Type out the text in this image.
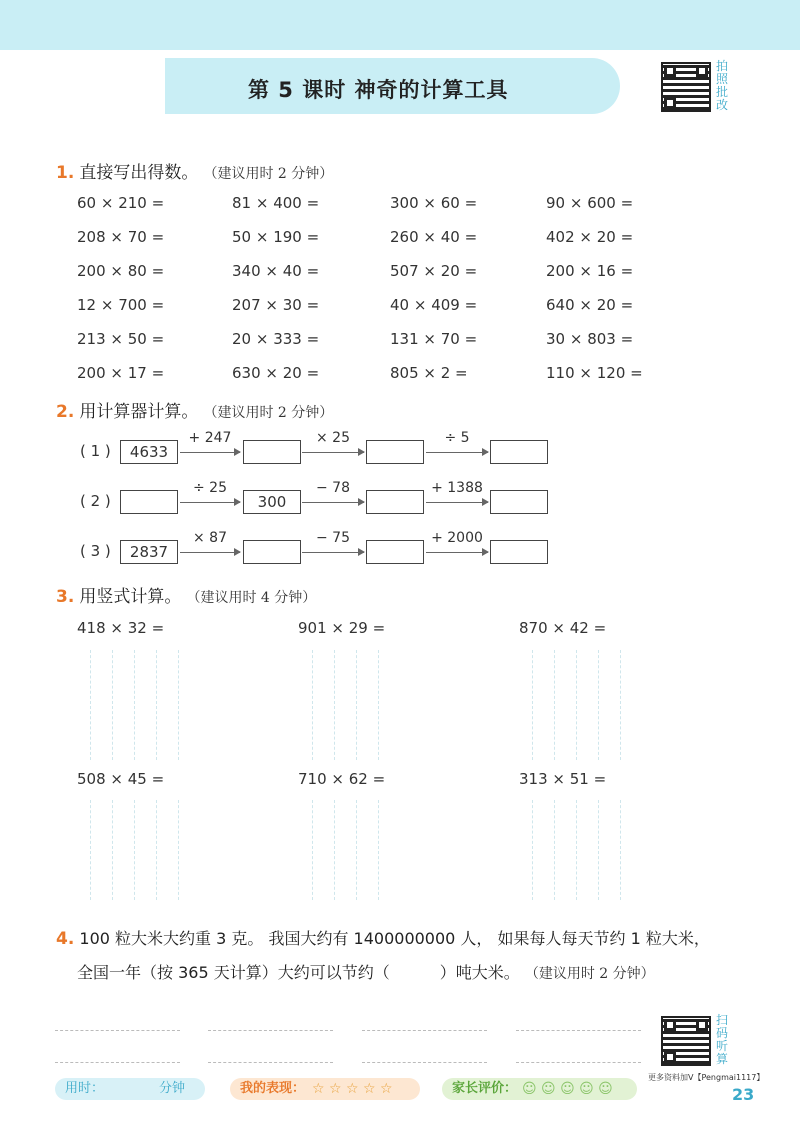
第 5 课时 神奇的计算工具
拍照批改
1. 直接写出得数。 （建议用时 2 分钟）
60 × 210 =	81 × 400 =	300 × 60 =	90 × 600 =
208 × 70 =	50 × 190 =	260 × 40 =	402 × 20 =
200 × 80 =	340 × 40 =	507 × 20 =	200 × 16 =
12 × 700 =	207 × 30 =	40 × 409 =	640 × 20 =
213 × 50 =	20 × 333 =	131 × 70 =	30 × 803 =
200 × 17 =	630 × 20 =	805 × 2 =	110 × 120 =
2. 用计算器计算。 （建议用时 2 分钟）
( 1 )	4633
+ 247	× 25	÷ 5
( 2 )
÷ 25
300
− 78	+ 1388
( 3 )	2837
× 87	− 75	+ 2000
3. 用竖式计算。 （建议用时 4 分钟）
418 × 32 =	901 × 29 =	870 × 42 =
508 × 45 =	710 × 62 =	313 × 51 =
4. 100 粒大米大约重 3 克。 我国大约有 1400000000 人， 如果每人每天节约 1 粒大米，
全国一年（按 365 天计算）大约可以节约（	）吨大米。 （建议用时 2 分钟）
扫码听算
用时：	分钟	我的表现： ☆ ☆ ☆ ☆ ☆	家长评价： ☺ ☺ ☺ ☺ ☺
更多资料加V【Pengmai1117】
23
